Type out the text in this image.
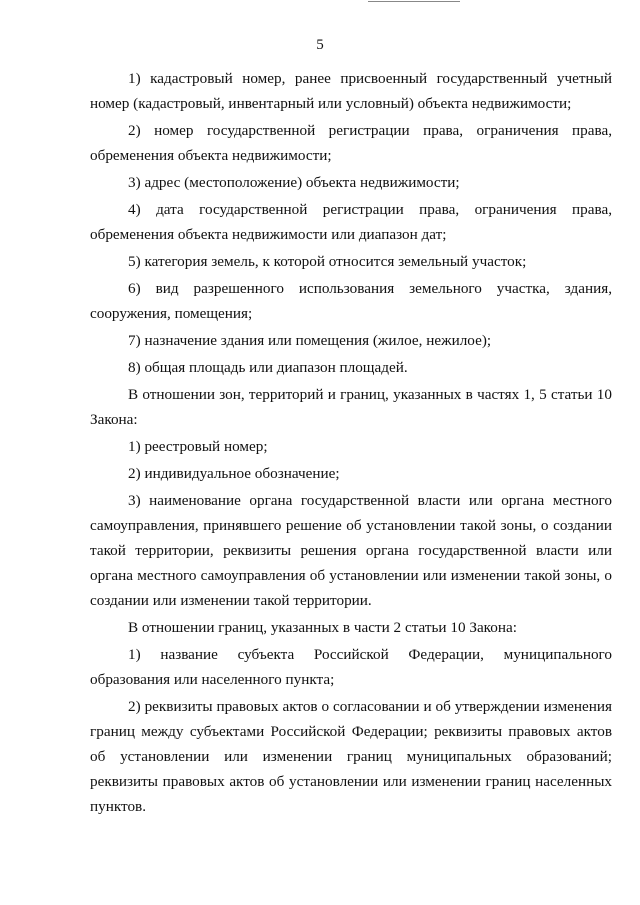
5

1) кадастровый номер, ранее присвоенный государственный учетный номер (кадастровый, инвентарный или условный) объекта недвижимости;

2) номер государственной регистрации права, ограничения права, обременения объекта недвижимости;

3) адрес (местоположение) объекта недвижимости;

4) дата государственной регистрации права, ограничения права, обременения объекта недвижимости или диапазон дат;

5) категория земель, к которой относится земельный участок;

6) вид разрешенного использования земельного участка, здания, сооружения, помещения;

7) назначение здания или помещения (жилое, нежилое);

8) общая площадь или диапазон площадей.

В отношении зон, территорий и границ, указанных в частях 1, 5 статьи 10 Закона:

1) реестровый номер;

2) индивидуальное обозначение;

3) наименование органа государственной власти или органа местного самоуправления, принявшего решение об установлении такой зоны, о создании такой территории, реквизиты решения органа государственной власти или органа местного самоуправления об установлении или изменении такой зоны, о создании или изменении такой территории.

В отношении границ, указанных в части 2 статьи 10 Закона:

1) название субъекта Российской Федерации, муниципального образования или населенного пункта;

2) реквизиты правовых актов о согласовании и об утверждении изменения границ между субъектами Российской Федерации; реквизиты правовых актов об установлении или изменении границ муниципальных образований; реквизиты правовых актов об установлении или изменении границ населенных пунктов.
